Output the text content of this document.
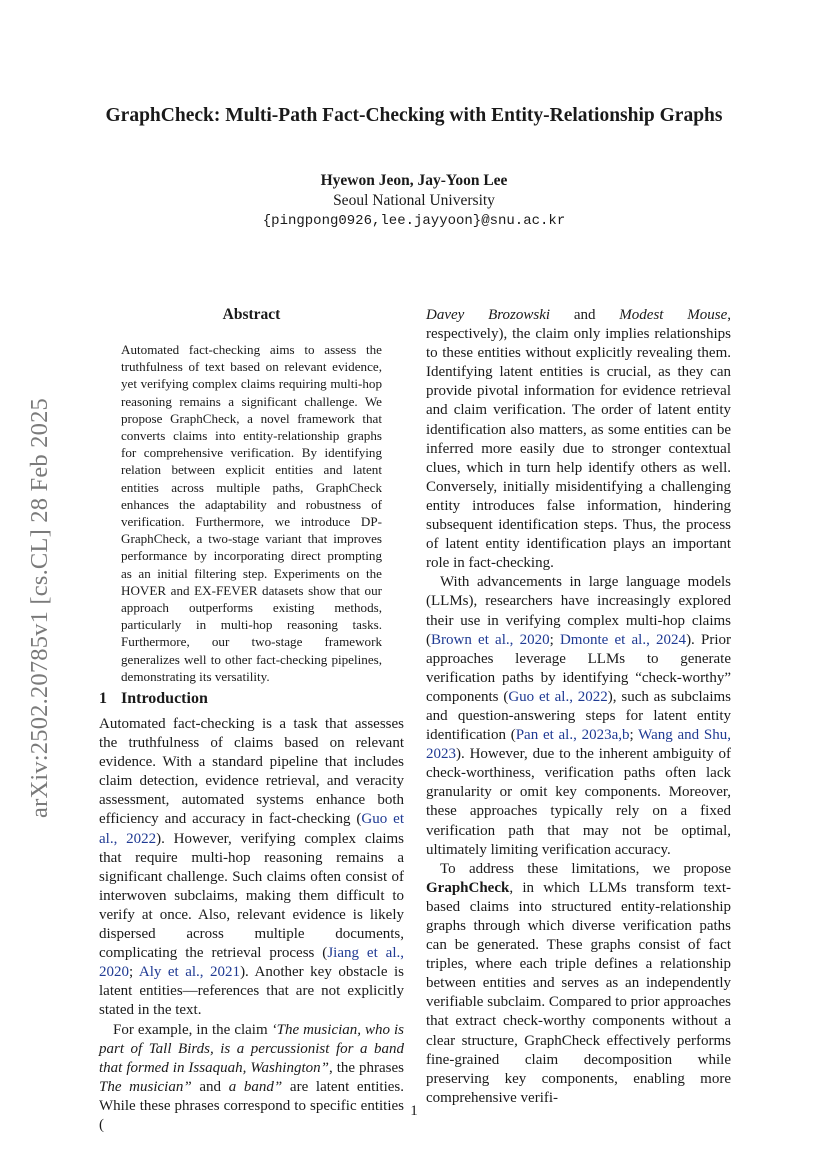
arXiv:2502.20785v1 [cs.CL] 28 Feb 2025
GraphCheck: Multi-Path Fact-Checking with Entity-Relationship Graphs
Hyewon Jeon, Jay-Yoon Lee
Seoul National University
{pingpong0926,lee.jayyoon}@snu.ac.kr
Abstract

Automated fact-checking aims to assess the truthfulness of text based on relevant evidence, yet verifying complex claims requiring multi-hop reasoning remains a significant challenge. We propose GraphCheck, a novel framework that converts claims into entity-relationship graphs for comprehensive verification. By identifying relation between explicit entities and latent entities across multiple paths, GraphCheck enhances the adaptability and robustness of verification. Furthermore, we introduce DP-GraphCheck, a two-stage variant that improves performance by incorporating direct prompting as an initial filtering step. Experiments on the HOVER and EX-FEVER datasets show that our approach outperforms existing methods, particularly in multi-hop reasoning tasks. Furthermore, our two-stage framework generalizes well to other fact-checking pipelines, demonstrating its versatility.

1 Introduction

Automated fact-checking is a task that assesses the truthfulness of claims based on relevant evidence. With a standard pipeline that includes claim detection, evidence retrieval, and veracity assessment, automated systems enhance both efficiency and accuracy in fact-checking (Guo et al., 2022). However, verifying complex claims that require multi-hop reasoning remains a significant challenge. Such claims often consist of interwoven subclaims, making them difficult to verify at once. Also, relevant evidence is likely dispersed across multiple documents, complicating the retrieval process (Jiang et al., 2020; Aly et al., 2021). Another key obstacle is latent entities—references that are not explicitly stated in the text.

For example, in the claim ‘The musician, who is part of Tall Birds, is a percussionist for a band that formed in Issaquah, Washington”, the phrases The musician” and a band” are latent entities. While these phrases correspond to specific entities (

Davey Brozowski and Modest Mouse, respectively), the claim only implies relationships to these entities without explicitly revealing them. Identifying latent entities is crucial, as they can provide pivotal information for evidence retrieval and claim verification. The order of latent entity identification also matters, as some entities can be inferred more easily due to stronger contextual clues, which in turn help identify others as well. Conversely, initially misidentifying a challenging entity introduces false information, hindering subsequent identification steps. Thus, the process of latent entity identification plays an important role in fact-checking.

With advancements in large language models (LLMs), researchers have increasingly explored their use in verifying complex multi-hop claims (Brown et al., 2020; Dmonte et al., 2024). Prior approaches leverage LLMs to generate verification paths by identifying “check-worthy” components (Guo et al., 2022), such as subclaims and question-answering steps for latent entity identification (Pan et al., 2023a,b; Wang and Shu, 2023). However, due to the inherent ambiguity of check-worthiness, verification paths often lack granularity or omit key components. Moreover, these approaches typically rely on a fixed verification path that may not be optimal, ultimately limiting verification accuracy.

To address these limitations, we propose GraphCheck, in which LLMs transform text-based claims into structured entity-relationship graphs through which diverse verification paths can be generated. These graphs consist of fact triples, where each triple defines a relationship between entities and serves as an independently verifiable subclaim. Compared to prior approaches that extract check-worthy components without a clear structure, GraphCheck effectively performs fine-grained claim decomposition while preserving key components, enabling more comprehensive verifi-

1
